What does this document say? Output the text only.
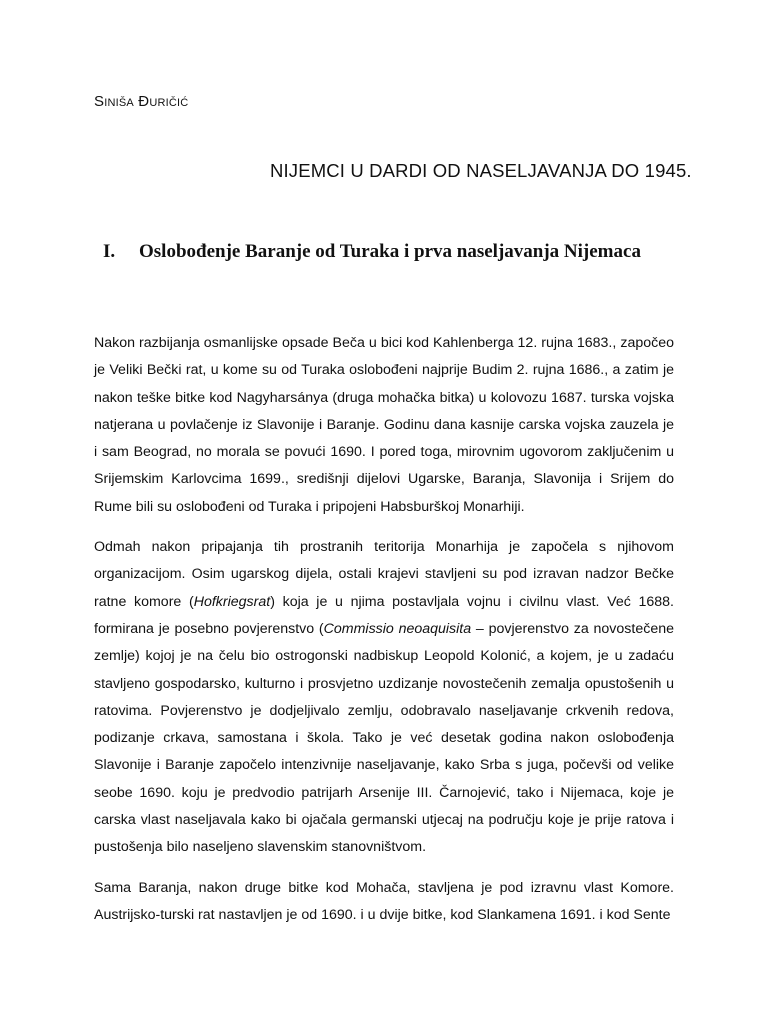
Siniša Đuričić

NIJEMCI U DARDI OD NASELJAVANJA DO 1945.
I. Oslobođenje Baranje od Turaka i prva naseljavanja Nijemaca

Nakon razbijanja osmanlijske opsade Beča u bici kod Kahlenberga 12. rujna 1683., započeo je Veliki Bečki rat, u kome su od Turaka oslobođeni najprije Budim 2. rujna 1686., a zatim je nakon teške bitke kod Nagyharsánya (druga mohačka bitka) u kolovozu 1687. turska vojska natjerana u povlačenje iz Slavonije i Baranje. Godinu dana kasnije carska vojska zauzela je i sam Beograd, no morala se povući 1690. I pored toga, mirovnim ugovorom zaključenim u Srijemskim Karlovcima 1699., središnji dijelovi Ugarske, Baranja, Slavonija i Srijem do Rume bili su oslobođeni od Turaka i pripojeni Habsburškoj Monarhiji.

Odmah nakon pripajanja tih prostranih teritorija Monarhija je započela s njihovom organizacijom. Osim ugarskog dijela, ostali krajevi stavljeni su pod izravan nadzor Bečke ratne komore (Hofkriegsrat) koja je u njima postavljala vojnu i civilnu vlast. Već 1688. formirana je posebno povjerenstvo (Commissio neoaquisita – povjerenstvo za novostečene zemlje) kojoj je na čelu bio ostrogonski nadbiskup Leopold Kolonić, a kojem, je u zadaću stavljeno gospodarsko, kulturno i prosvjetno uzdizanje novostečenih zemalja opustošenih u ratovima. Povjerenstvo je dodjeljivalo zemlju, odobravalo naseljavanje crkvenih redova, podizanje crkava, samostana i škola. Tako je već desetak godina nakon oslobođenja Slavonije i Baranje započelo intenzivnije naseljavanje, kako Srba s juga, počevši od velike seobe 1690. koju je predvodio patrijarh Arsenije III. Čarnojević, tako i Nijemaca, koje je carska vlast naseljavala kako bi ojačala germanski utjecaj na području koje je prije ratova i pustošenja bilo naseljeno slavenskim stanovništvom.

Sama Baranja, nakon druge bitke kod Mohača, stavljena je pod izravnu vlast Komore. Austrijsko-turski rat nastavljen je od 1690. i u dvije bitke, kod Slankamena 1691. i kod Sente
